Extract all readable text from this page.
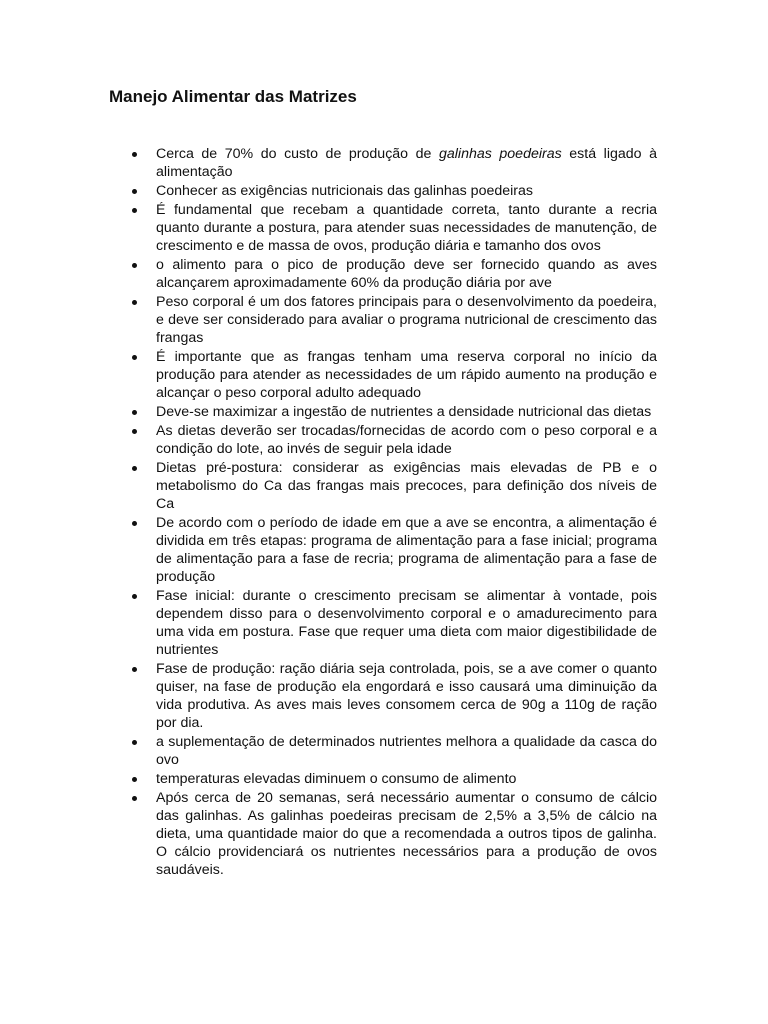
Manejo Alimentar das Matrizes
Cerca de 70% do custo de produção de galinhas poedeiras está ligado à alimentação
Conhecer as exigências nutricionais das galinhas poedeiras
É fundamental que recebam a quantidade correta, tanto durante a recria quanto durante a postura, para atender suas necessidades de manutenção, de crescimento e de massa de ovos, produção diária e tamanho dos ovos
o alimento para o pico de produção deve ser fornecido quando as aves alcançarem aproximadamente 60% da produção diária por ave
Peso corporal é um dos fatores principais para o desenvolvimento da poedeira, e deve ser considerado para avaliar o programa nutricional de crescimento das frangas
É importante que as frangas tenham uma reserva corporal no início da produção para atender as necessidades de um rápido aumento na produção e alcançar o peso corporal adulto adequado
Deve-se maximizar a ingestão de nutrientes a densidade nutricional das dietas
As dietas deverão ser trocadas/fornecidas de acordo com o peso corporal e a condição do lote, ao invés de seguir pela idade
Dietas pré-postura: considerar as exigências mais elevadas de PB e o metabolismo do Ca das frangas mais precoces, para definição dos níveis de Ca
De acordo com o período de idade em que a ave se encontra, a alimentação é dividida em três etapas: programa de alimentação para a fase inicial; programa de alimentação para a fase de recria; programa de alimentação para a fase de produção
Fase inicial: durante o crescimento precisam se alimentar à vontade, pois dependem disso para o desenvolvimento corporal e o amadurecimento para uma vida em postura. Fase que requer uma dieta com maior digestibilidade de nutrientes
Fase de produção: ração diária seja controlada, pois, se a ave comer o quanto quiser, na fase de produção ela engordará e isso causará uma diminuição da vida produtiva. As aves mais leves consomem cerca de 90g a 110g de ração por dia.
a suplementação de determinados nutrientes melhora a qualidade da casca do ovo
temperaturas elevadas diminuem o consumo de alimento
Após cerca de 20 semanas, será necessário aumentar o consumo de cálcio das galinhas. As galinhas poedeiras precisam de 2,5% a 3,5% de cálcio na dieta, uma quantidade maior do que a recomendada a outros tipos de galinha. O cálcio providenciará os nutrientes necessários para a produção de ovos saudáveis.
